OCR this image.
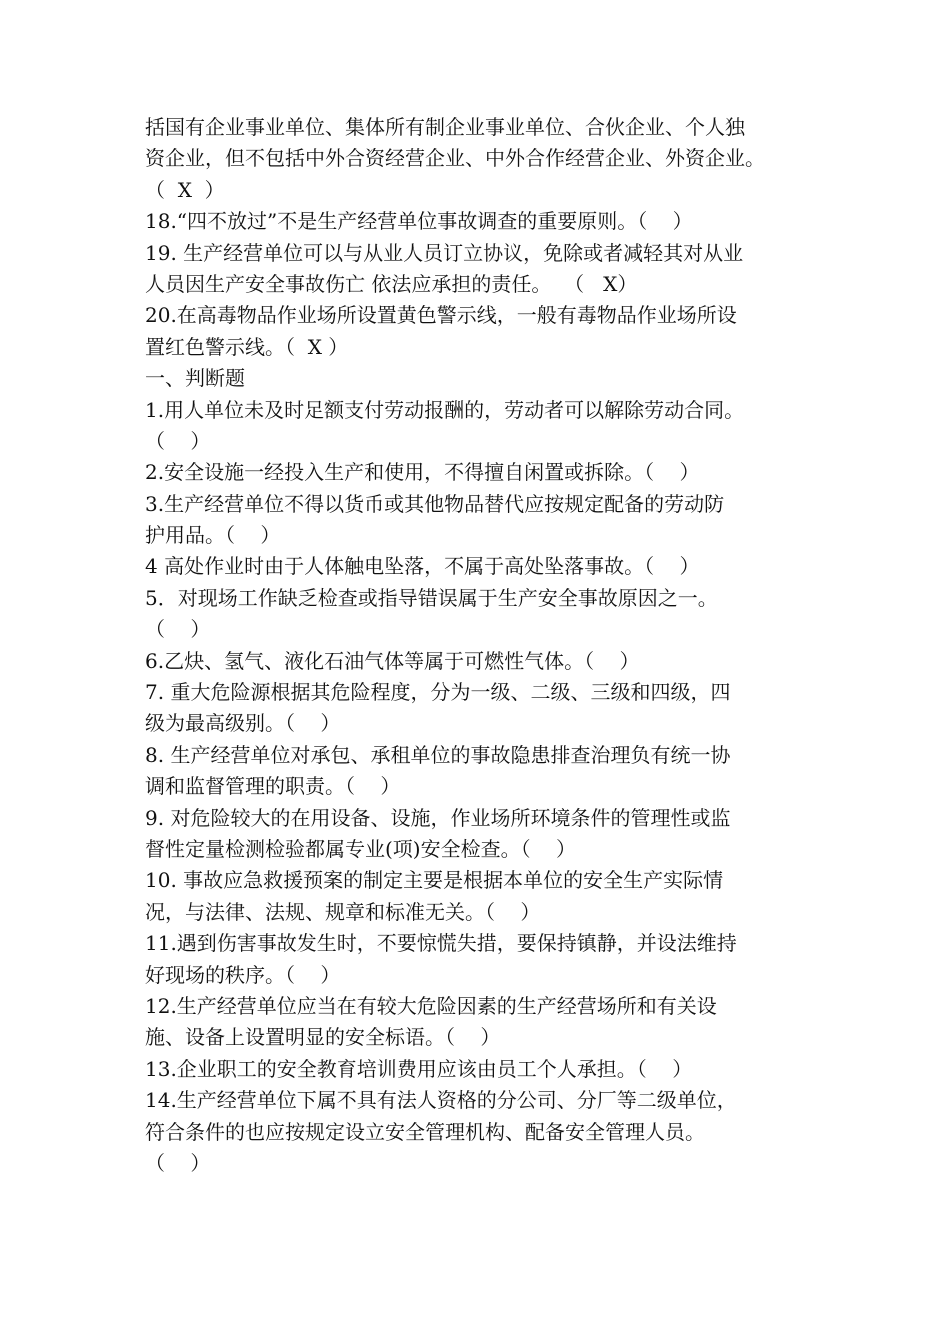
括国有企业事业单位、集体所有制企业事业单位、合伙企业、个人独
资企业，但不包括中外合资经营企业、中外合作经营企业、外资企业。
（  X  ）
18.“四不放过”不是生产经营单位事故调查的重要原则。（    ）
19. 生产经营单位可以与从业人员订立协议，免除或者减轻其对从业
人员因生产安全事故伤亡 依法应承担的责任。  （   X）
20.在高毒物品作业场所设置黄色警示线，一般有毒物品作业场所设
置红色警示线。（  X ）
一、判断题
1.用人单位未及时足额支付劳动报酬的，劳动者可以解除劳动合同。
（    ）
2.安全设施一经投入生产和使用，不得擅自闲置或拆除。（    ）
3.生产经营单位不得以货币或其他物品替代应按规定配备的劳动防
护用品。（    ）
4 高处作业时由于人体触电坠落，不属于高处坠落事故。（    ）
5．对现场工作缺乏检查或指导错误属于生产安全事故原因之一。
（    ）
6.乙炔、氢气、液化石油气体等属于可燃性气体。（    ）
7. 重大危险源根据其危险程度，分为一级、二级、三级和四级，四
级为最高级别。（    ）
8. 生产经营单位对承包、承租单位的事故隐患排查治理负有统一协
调和监督管理的职责。（    ）
9. 对危险较大的在用设备、设施，作业场所环境条件的管理性或监
督性定量检测检验都属专业(项)安全检查。（    ）
10. 事故应急救援预案的制定主要是根据本单位的安全生产实际情
况，与法律、法规、规章和标准无关。（    ）
11.遇到伤害事故发生时，不要惊慌失措，要保持镇静，并设法维持
好现场的秩序。（    ）
12.生产经营单位应当在有较大危险因素的生产经营场所和有关设
施、设备上设置明显的安全标语。（    ）
13.企业职工的安全教育培训费用应该由员工个人承担。（    ）
14.生产经营单位下属不具有法人资格的分公司、分厂等二级单位，
符合条件的也应按规定设立安全管理机构、配备安全管理人员。
（    ）
